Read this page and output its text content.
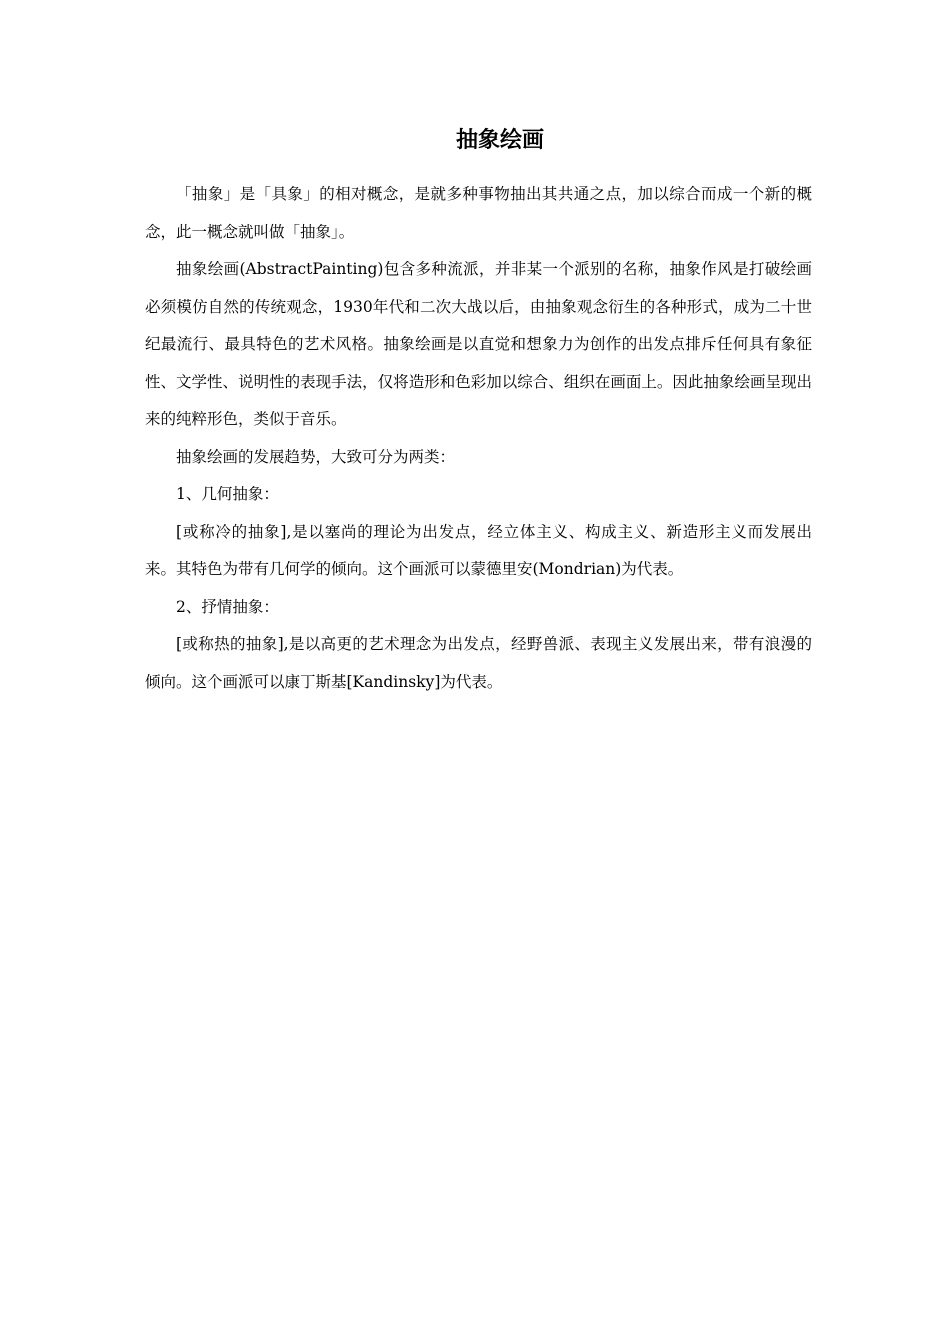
抽象绘画

「抽象」是「具象」的相对概念，是就多种事物抽出其共通之点，加以综合而成一个新的概念，此一概念就叫做「抽象」。

抽象绘画(AbstractPainting)包含多种流派，并非某一个派别的名称，抽象作风是打破绘画必须模仿自然的传统观念，1930年代和二次大战以后，由抽象观念衍生的各种形式，成为二十世纪最流行、最具特色的艺术风格。抽象绘画是以直觉和想象力为创作的出发点排斥任何具有象征性、文学性、说明性的表现手法，仅将造形和色彩加以综合、组织在画面上。因此抽象绘画呈现出来的纯粹形色，类似于音乐。

抽象绘画的发展趋势，大致可分为两类：

1、几何抽象：

[或称冷的抽象],是以塞尚的理论为出发点，经立体主义、构成主义、新造形主义而发展出来。其特色为带有几何学的倾向。这个画派可以蒙德里安(Mondrian)为代表。

2、抒情抽象：

[或称热的抽象],是以高更的艺术理念为出发点，经野兽派、表现主义发展出来，带有浪漫的倾向。这个画派可以康丁斯基[Kandinsky]为代表。
